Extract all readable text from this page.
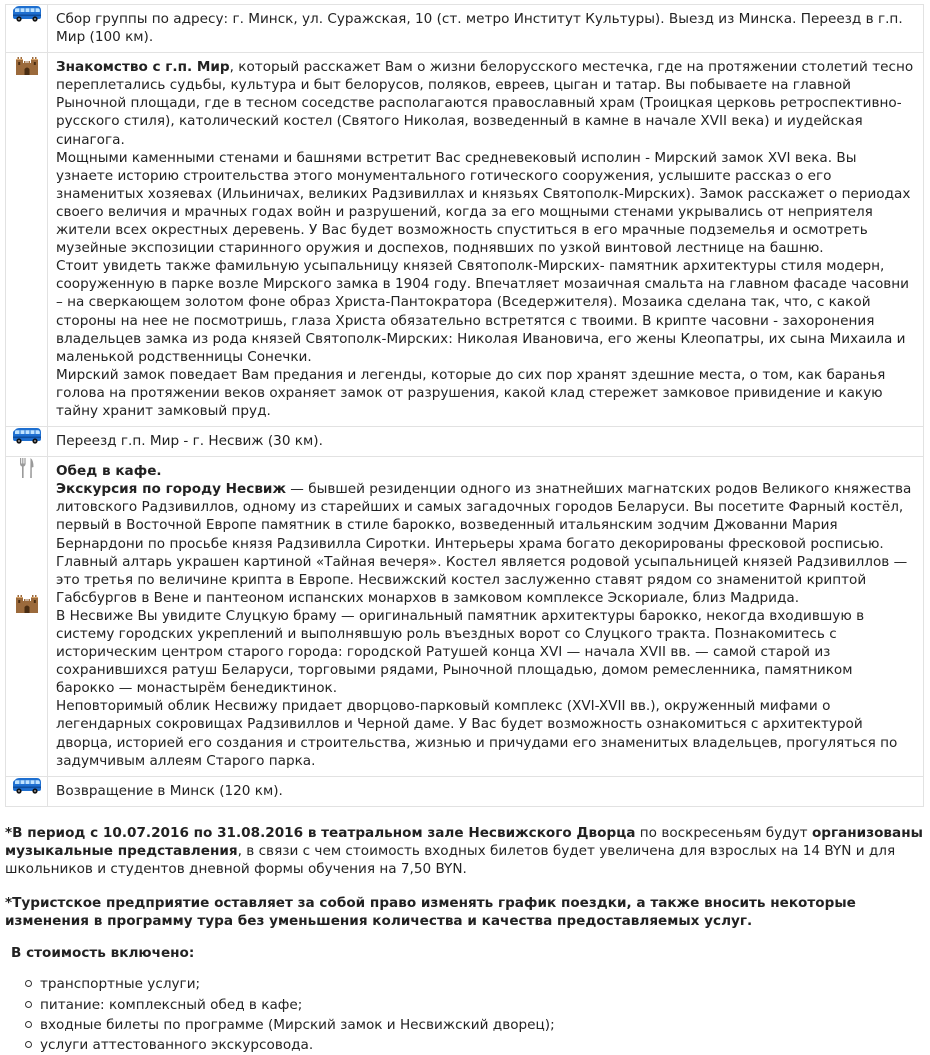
Сбор группы по адресу: г. Минск, ул. Суражская, 10 (ст. метро Институт Культуры). Выезд из Минска. Переезд в г.п. Мир (100 км).

Знакомство с г.п. Мир, который расскажет Вам о жизни белорусского местечка, где на протяжении столетий тесно переплетались судьбы, культура и быт белорусов, поляков, евреев, цыган и татар. Вы побываете на главной Рыночной площади, где в тесном соседстве располагаются православный храм (Троицкая церковь ретроспективно-русского стиля), католический костел (Святого Николая, возведенный в камне в начале XVII века) и иудейская синагога.

Мощными каменными стенами и башнями встретит Вас средневековый исполин - Мирский замок XVI века. Вы узнаете историю строительства этого монументального готического сооружения, услышите рассказ о его знаменитых хозяевах (Ильиничах, великих Радзивиллах и князьях Святополк-Мирских). Замок расскажет о периодах своего величия и мрачных годах войн и разрушений, когда за его мощными стенами укрывались от неприятеля жители всех окрестных деревень. У Вас будет возможность спуститься в его мрачные подземелья и осмотреть музейные экспозиции старинного оружия и доспехов, поднявших по узкой винтовой лестнице на башню.

Стоит увидеть также фамильную усыпальницу князей Святополк-Мирских- памятник архитектуры стиля модерн, сооруженную в парке возле Мирского замка в 1904 году. Впечатляет мозаичная смальта на главном фасаде часовни – на сверкающем золотом фоне образ Христа-Пантократора (Вседержителя). Мозаика сделана так, что, с какой стороны на нее не посмотришь, глаза Христа обязательно встретятся с твоими. В крипте часовни - захоронения владельцев замка из рода князей Святополк-Мирских: Николая Ивановича, его жены Клеопатры, их сына Михаила и маленькой родственницы Сонечки.

Мирский замок поведает Вам предания и легенды, которые до сих пор хранят здешние места, о том, как баранья голова на протяжении веков охраняет замок от разрушения, какой клад стережет замковое привидение и какую тайну хранит замковый пруд.

Переезд г.п. Мир - г. Несвиж (30 км).

Обед в кафе.

Экскурсия по городу Несвиж — бывшей резиденции одного из знатнейших магнатских родов Великого княжества литовского Радзивиллов, одному из старейших и самых загадочных городов Беларуси. Вы посетите Фарный костёл, первый в Восточной Европе памятник в стиле барокко, возведенный итальянским зодчим Джованни Мария Бернардони по просьбе князя Радзивилла Сиротки. Интерьеры храма богато декорированы фресковой росписью. Главный алтарь украшен картиной «Тайная вечеря». Костел является родовой усыпальницей князей Радзивиллов — это третья по величине крипта в Европе. Несвижский костел заслуженно ставят рядом со знаменитой криптой Габсбургов в Вене и пантеоном испанских монархов в замковом комплексе Эскориале, близ Мадрида.

В Несвиже Вы увидите Слуцкую браму — оригинальный памятник архитектуры барокко, некогда входившую в систему городских укреплений и выполнявшую роль въездных ворот со Слуцкого тракта. Познакомитесь с историческим центром старого города: городской Ратушей конца XVI — начала XVII вв. — самой старой из сохранившихся ратуш Беларуси, торговыми рядами, Рыночной площадью, домом ремесленника, памятником барокко — монастырём бенедиктинок.

Неповторимый облик Несвижу придает дворцово-парковый комплекс (XVI-XVII вв.), окруженный мифами о легендарных сокровищах Радзивиллов и Черной даме. У Вас будет возможность ознакомиться с архитектурой дворца, историей его создания и строительства, жизнью и причудами его знаменитых владельцев, прогуляться по задумчивым аллеям Старого парка.

Возвращение в Минск (120 км).

*В период с 10.07.2016 по 31.08.2016 в театральном зале Несвижского Дворца по воскресеньям будут организованы музыкальные представления, в связи с чем стоимость входных билетов будет увеличена для взрослых на 14 BYN и для школьников и студентов дневной формы обучения на 7,50 BYN.

*Туристское предприятие оставляет за собой право изменять график поездки, а также вносить некоторые изменения в программу тура без уменьшения количества и качества предоставляемых услуг.

В стоимость включено:
транспортные услуги;
питание: комплексный обед в кафе;
входные билеты по программе (Мирский замок и Несвижский дворец);
услуги аттестованного экскурсовода.
